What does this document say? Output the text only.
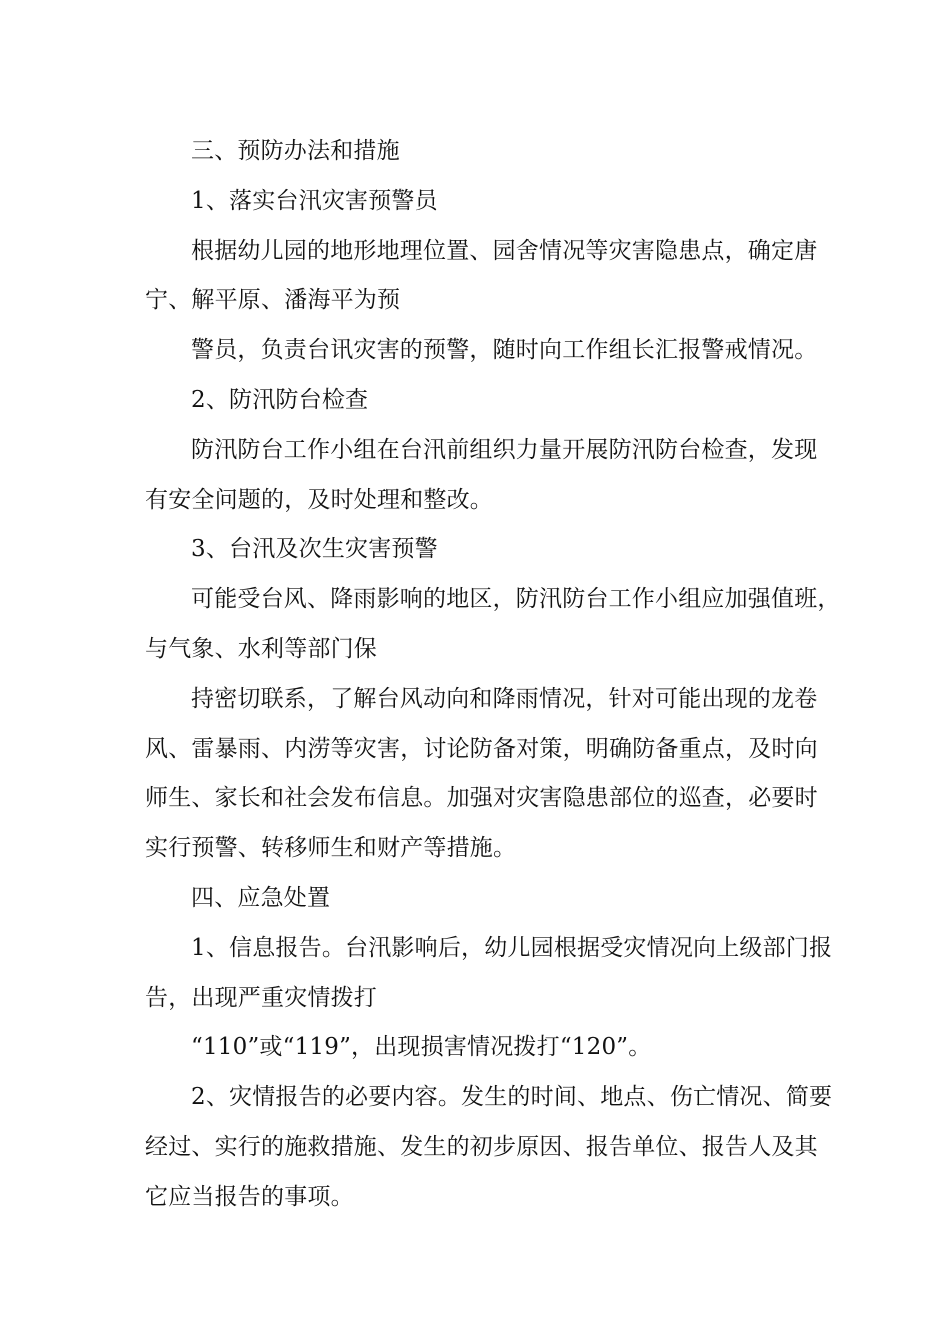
三、预防办法和措施
1、落实台汛灾害预警员
根据幼儿园的地形地理位置、园舍情况等灾害隐患点，确定唐
宁、解平原、潘海平为预
警员，负责台讯灾害的预警，随时向工作组长汇报警戒情况。
2、防汛防台检查
防汛防台工作小组在台汛前组织力量开展防汛防台检查，发现
有安全问题的，及时处理和整改。
3、台汛及次生灾害预警
可能受台风、降雨影响的地区，防汛防台工作小组应加强值班，
与气象、水利等部门保
持密切联系，了解台风动向和降雨情况，针对可能出现的龙卷
风、雷暴雨、内涝等灾害，讨论防备对策，明确防备重点，及时向
师生、家长和社会发布信息。加强对灾害隐患部位的巡查，必要时
实行预警、转移师生和财产等措施。
四、应急处置
1、信息报告。台汛影响后，幼儿园根据受灾情况向上级部门报
告，出现严重灾情拨打
“110”或“119”，出现损害情况拨打“120”。
2、灾情报告的必要内容。发生的时间、地点、伤亡情况、简要
经过、实行的施救措施、发生的初步原因、报告单位、报告人及其
它应当报告的事项。
